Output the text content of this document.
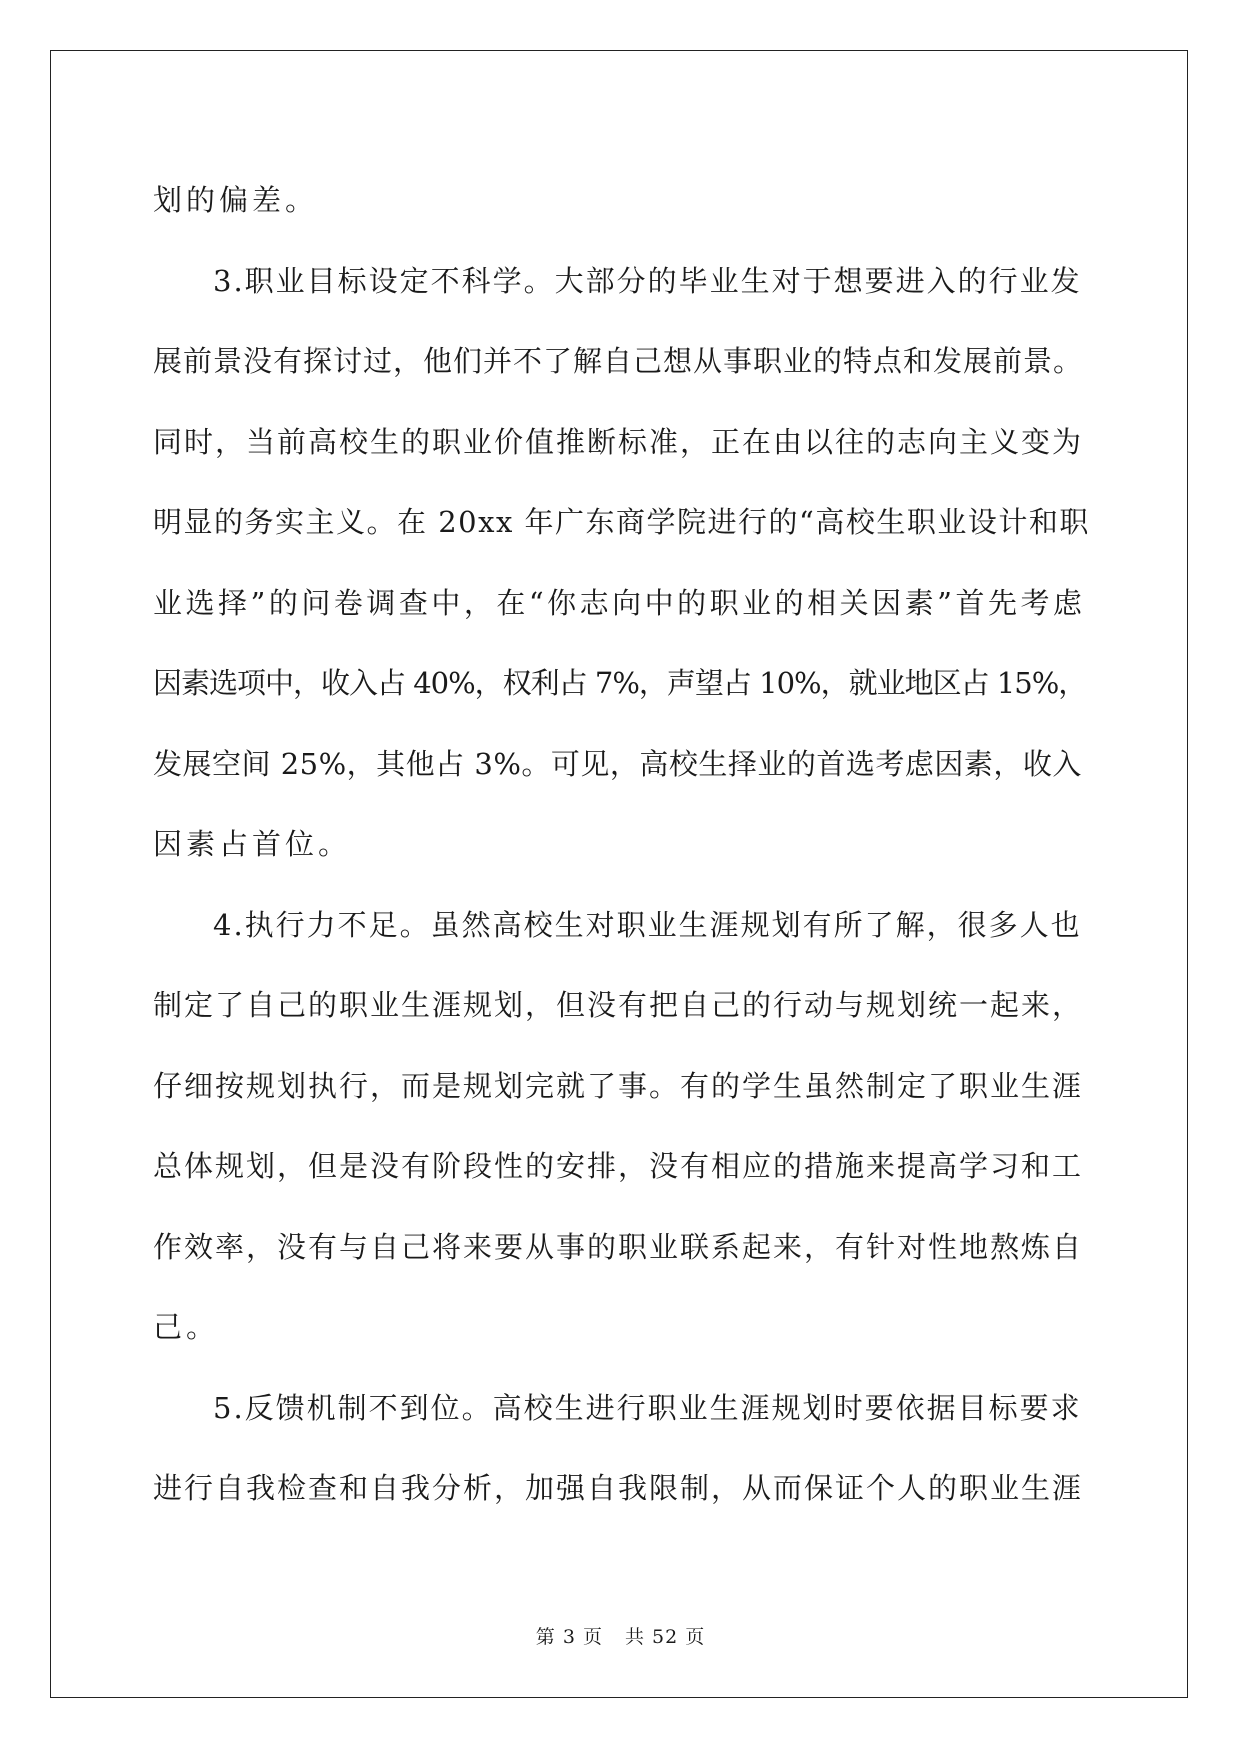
划的偏差。

3.职业目标设定不科学。大部分的毕业生对于想要进入的行业发
展前景没有探讨过，他们并不了解自己想从事职业的特点和发展前景。
同时，当前高校生的职业价值推断标准，正在由以往的志向主义变为
明显的务实主义。在 20xx 年广东商学院进行的“高校生职业设计和职
业选择”的问卷调查中，在“你志向中的职业的相关因素”首先考虑
因素选项中，收入占 40%，权利占 7%，声望占 10%，就业地区占 15%，
发展空间 25%，其他占 3%。可见，高校生择业的首选考虑因素，收入
因素占首位。

4.执行力不足。虽然高校生对职业生涯规划有所了解，很多人也
制定了自己的职业生涯规划，但没有把自己的行动与规划统一起来，
仔细按规划执行，而是规划完就了事。有的学生虽然制定了职业生涯
总体规划，但是没有阶段性的安排，没有相应的措施来提高学习和工
作效率，没有与自己将来要从事的职业联系起来，有针对性地熬炼自
己。

5.反馈机制不到位。高校生进行职业生涯规划时要依据目标要求
进行自我检查和自我分析，加强自我限制，从而保证个人的职业生涯

第 3 页 共 52 页
